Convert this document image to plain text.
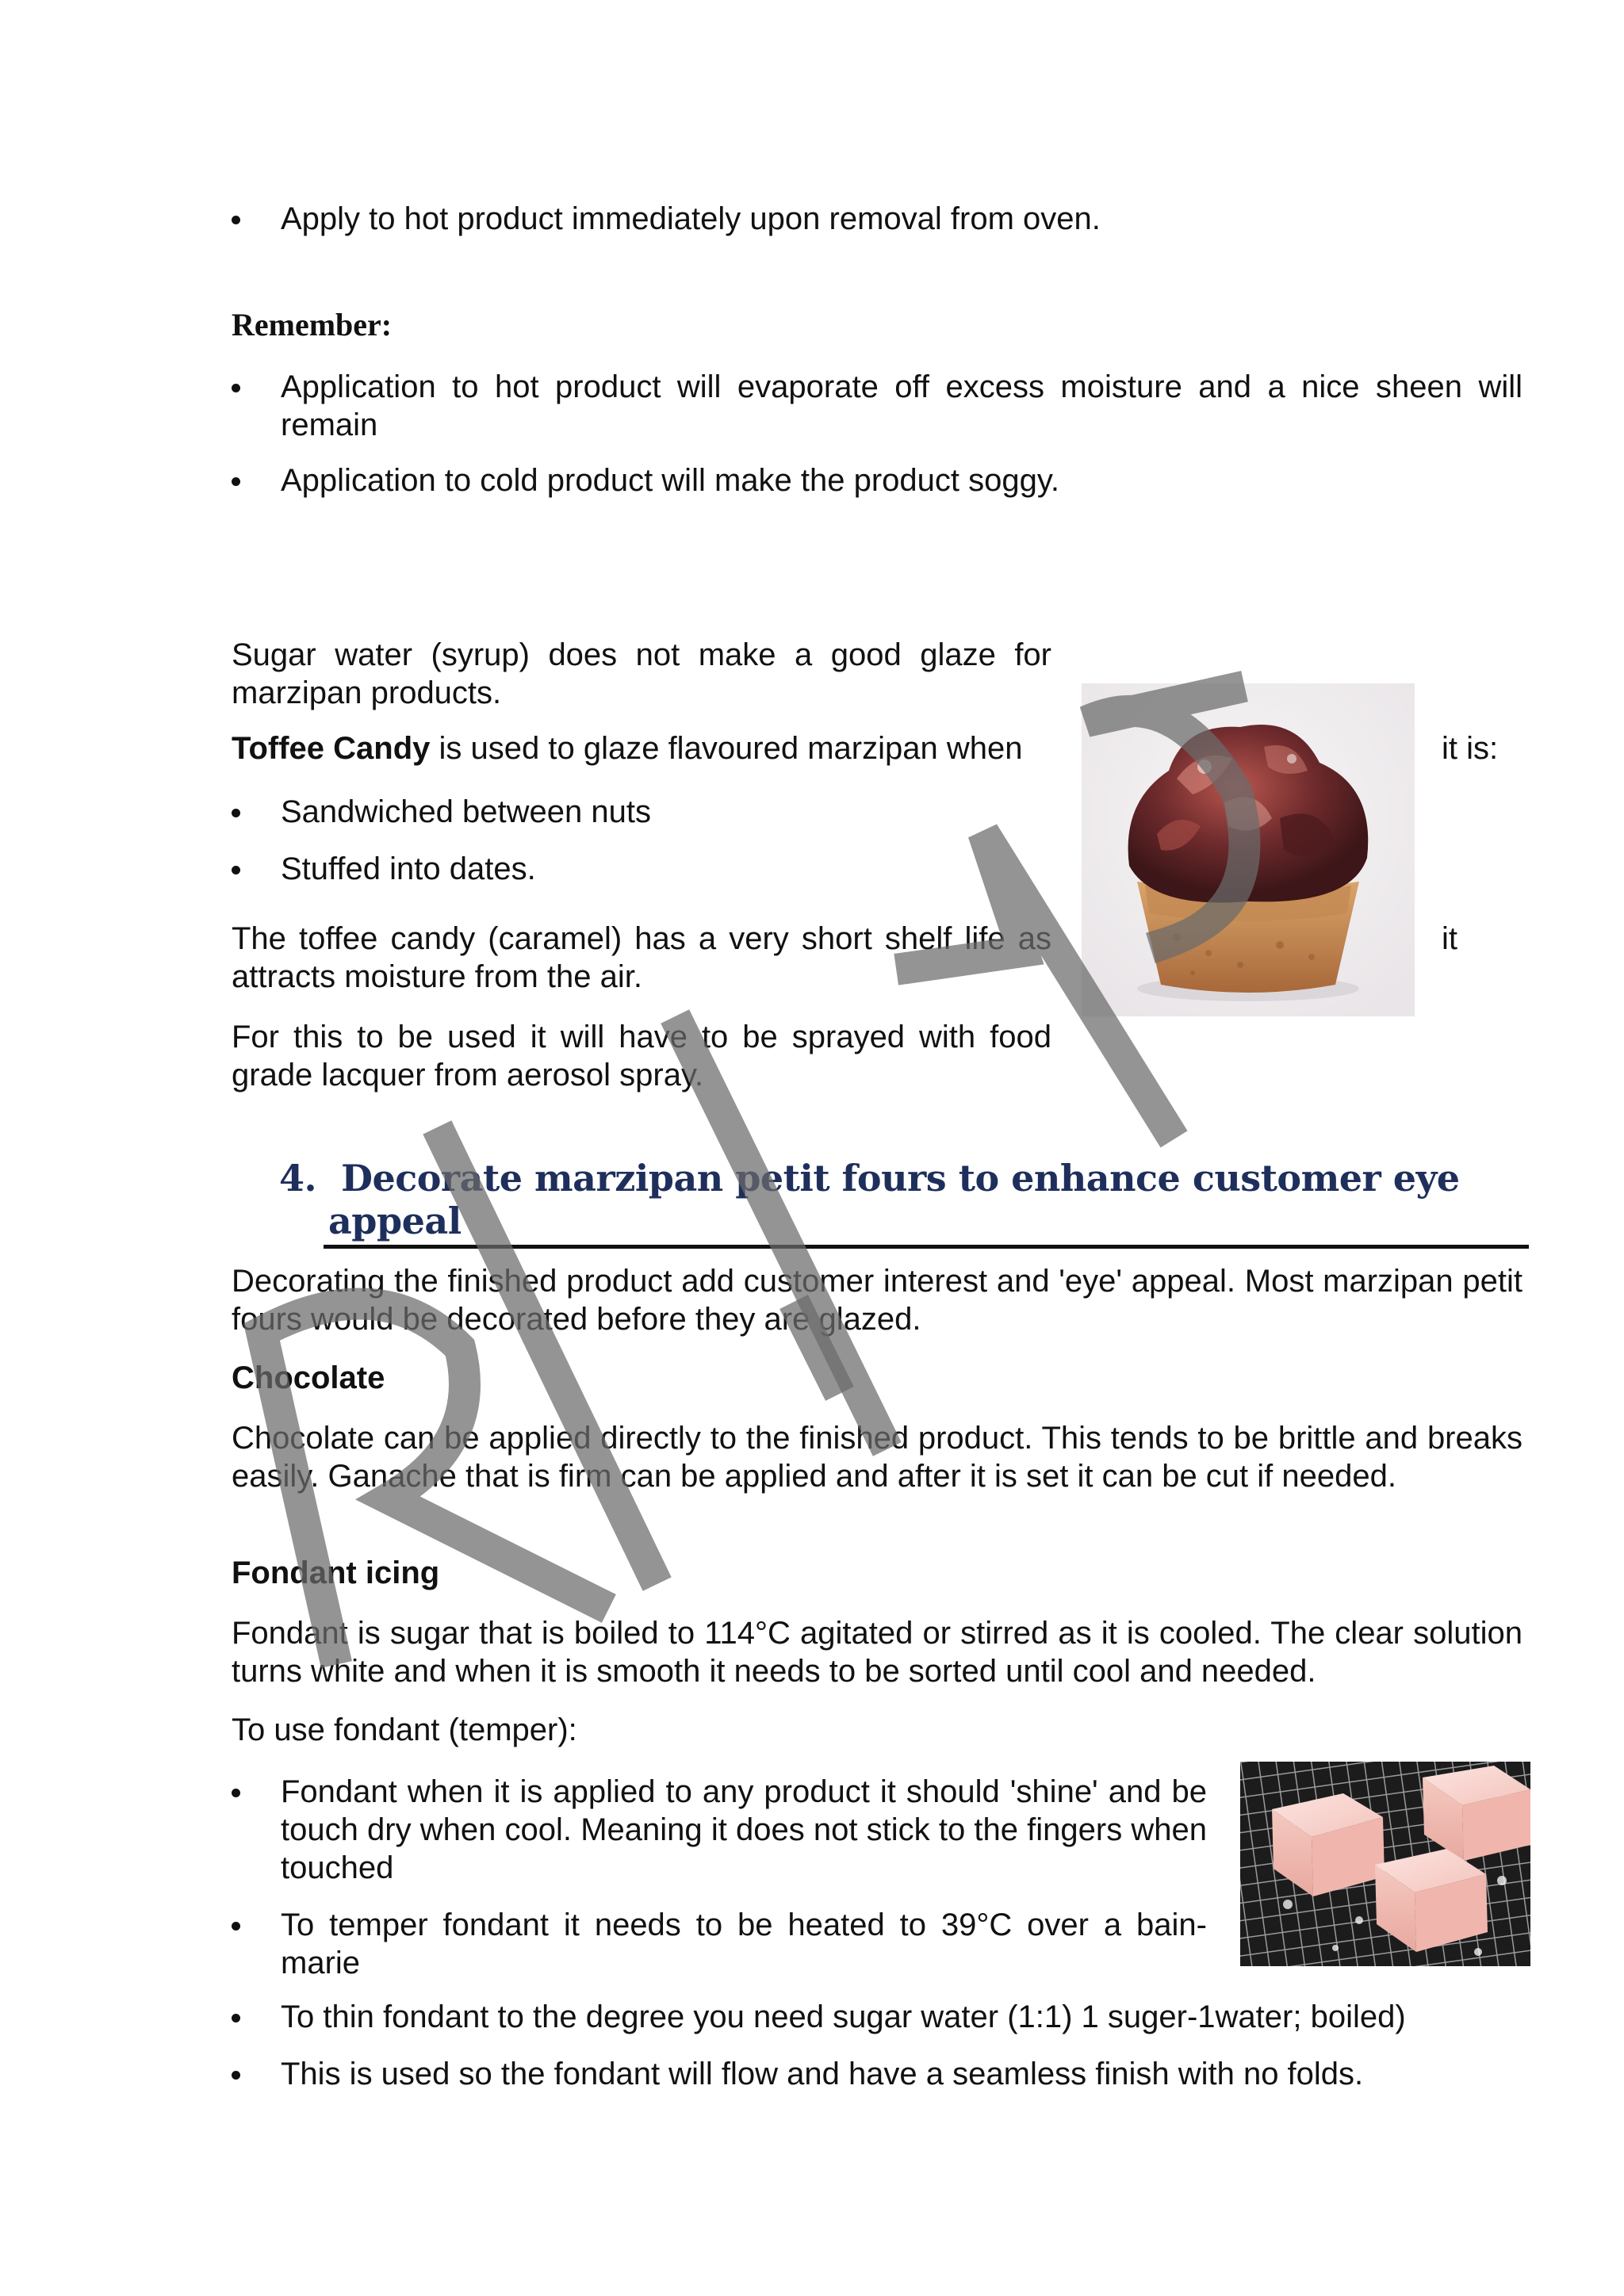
Apply to hot product immediately upon removal from oven.
Remember:
Application to hot product will evaporate off excess moisture and a nice sheen will remain
Application to cold product will make the product soggy.
Sugar water (syrup) does not make a good glaze for marzipan products.
Toffee Candy is used to glaze flavoured marzipan when	it is:
Sandwiched between nuts
Stuffed into dates.
The toffee candy (caramel) has a very short shelf life as	it
attracts moisture from the air.
For this to be used it will have to be sprayed with food grade lacquer from aerosol spray.
4. Decorate marzipan petit fours to enhance customer eye
appeal
Decorating the finished product add customer interest and 'eye' appeal. Most marzipan petit fours would be decorated before they are glazed.
Chocolate
Chocolate can be applied directly to the finished product. This tends to be brittle and breaks easily. Ganache that is firm can be applied and after it is set it can be cut if needed.
Fondant icing
Fondant is sugar that is boiled to 114°C agitated or stirred as it is cooled. The clear solution turns white and when it is smooth it needs to be sorted until cool and needed.
To use fondant (temper):
Fondant when it is applied to any product it should 'shine' and be touch dry when cool. Meaning it does not stick to the fingers when touched
To temper fondant it needs to be heated to 39°C over a bain-marie
To thin fondant to the degree you need sugar water (1:1) 1 suger-1water; boiled)
This is used so the fondant will flow and have a seamless finish with no folds.
